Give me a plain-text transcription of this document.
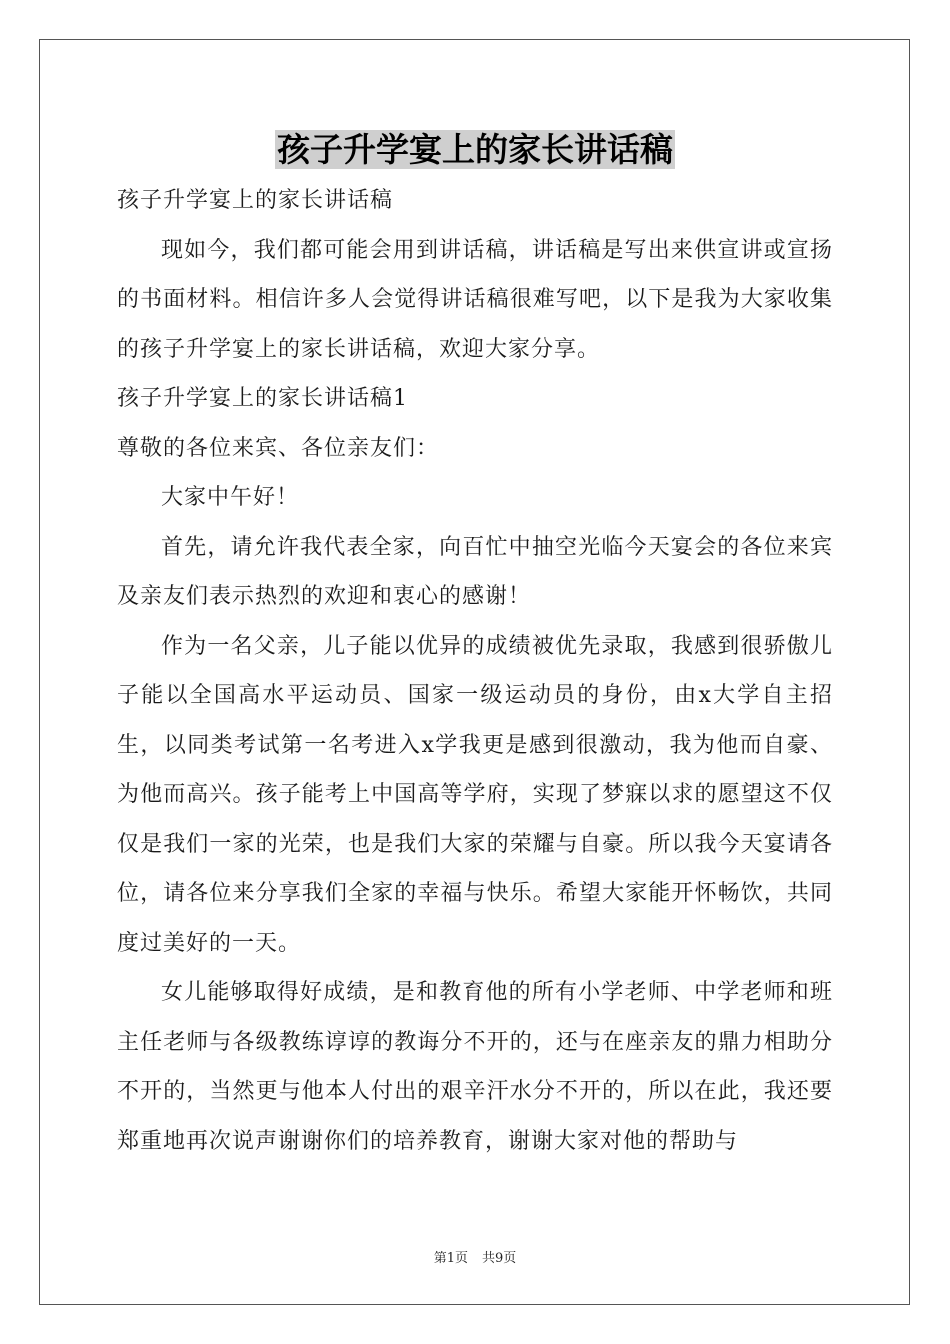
孩子升学宴上的家长讲话稿

孩子升学宴上的家长讲话稿

现如今，我们都可能会用到讲话稿，讲话稿是写出来供宣讲或宣扬的书面材料。相信许多人会觉得讲话稿很难写吧，以下是我为大家收集的孩子升学宴上的家长讲话稿，欢迎大家分享。

孩子升学宴上的家长讲话稿1

尊敬的各位来宾、各位亲友们：

大家中午好！

首先，请允许我代表全家，向百忙中抽空光临今天宴会的各位来宾及亲友们表示热烈的欢迎和衷心的感谢！

作为一名父亲，儿子能以优异的成绩被优先录取，我感到很骄傲儿子能以全国高水平运动员、国家一级运动员的身份，由x大学自主招生，以同类考试第一名考进入x学我更是感到很激动，我为他而自豪、为他而高兴。孩子能考上中国高等学府，实现了梦寐以求的愿望这不仅仅是我们一家的光荣，也是我们大家的荣耀与自豪。所以我今天宴请各位，请各位来分享我们全家的幸福与快乐。希望大家能开怀畅饮，共同度过美好的一天。

女儿能够取得好成绩，是和教育他的所有小学老师、中学老师和班主任老师与各级教练谆谆的教诲分不开的，还与在座亲友的鼎力相助分不开的，当然更与他本人付出的艰辛汗水分不开的，所以在此，我还要郑重地再次说声谢谢你们的培养教育，谢谢大家对他的帮助与

第1页 共9页
